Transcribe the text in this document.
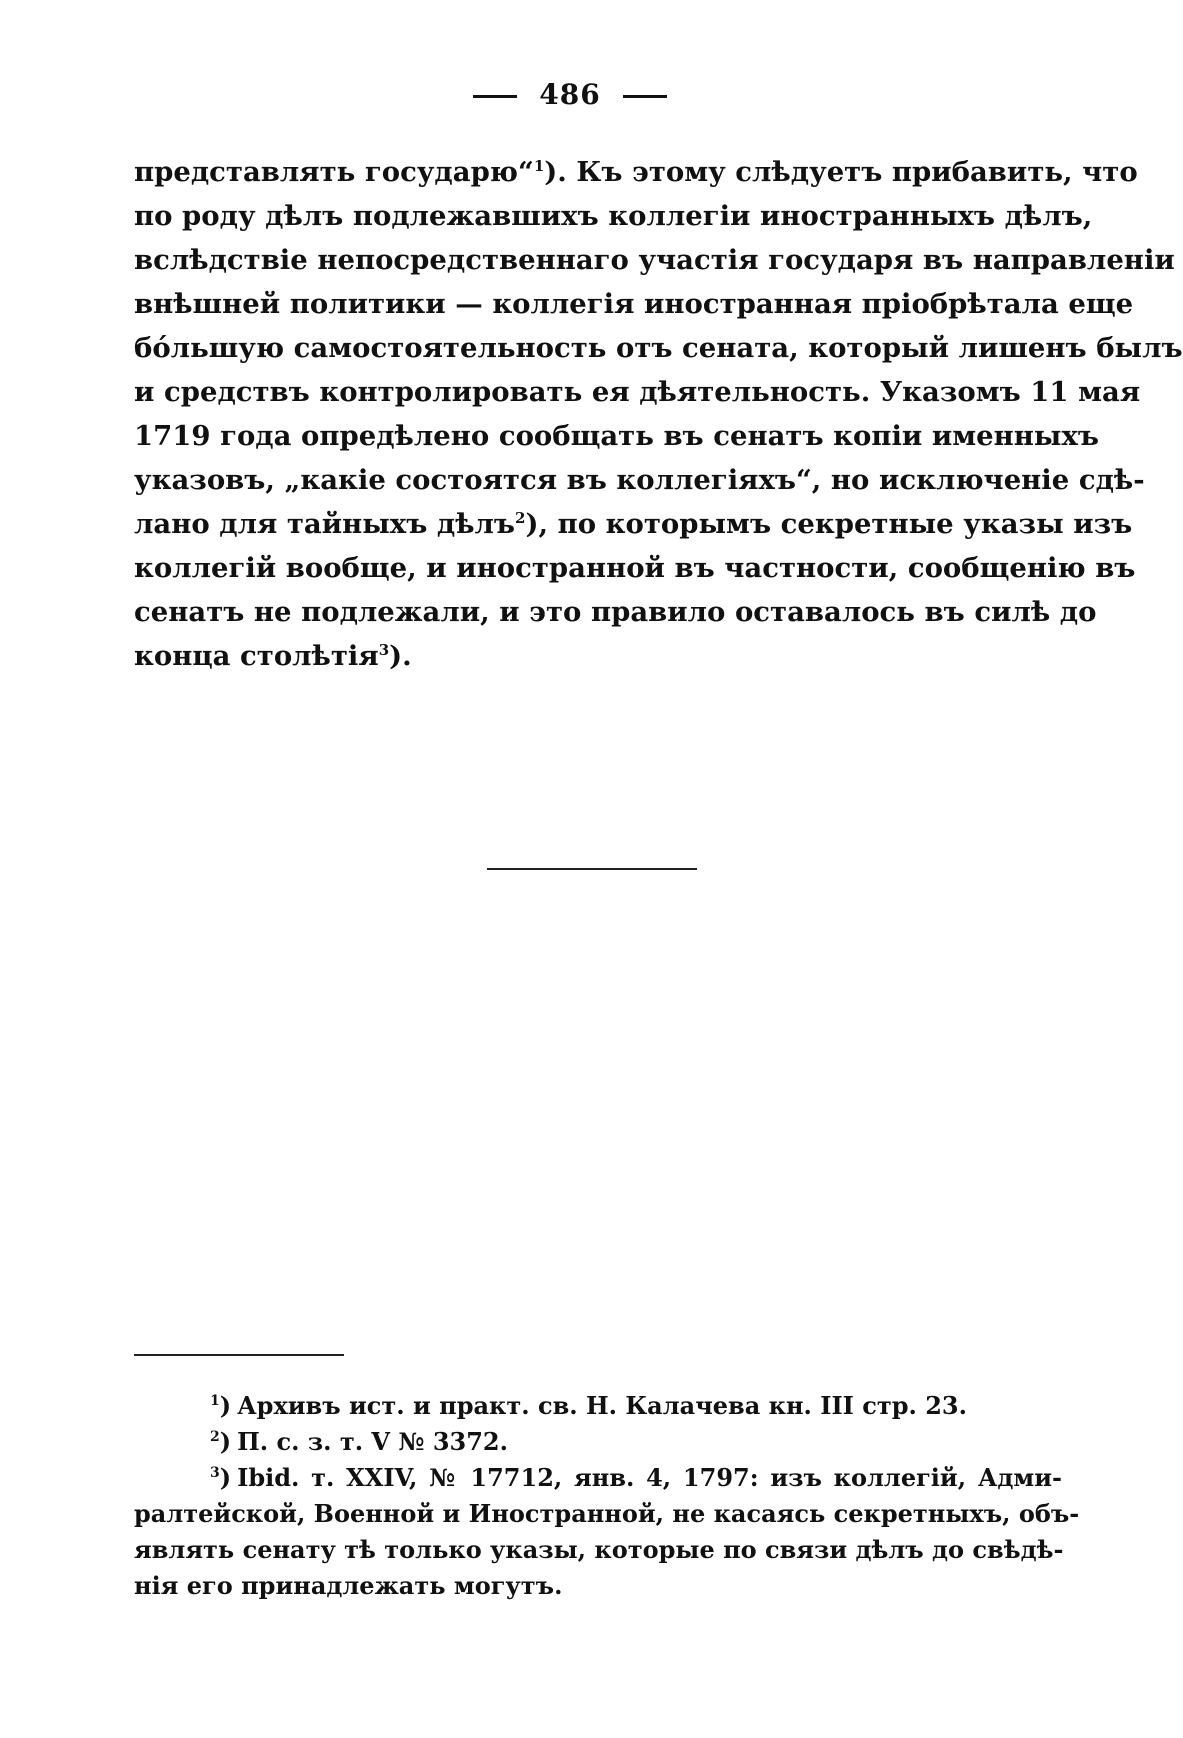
486
представлять государю“$^1$). Къ этому слѣдуетъ прибавить, что
по роду дѣлъ подлежавшихъ коллегіи иностранныхъ дѣлъ,
вслѣдствіе непосредственнаго участія государя въ направленіи
внѣшней политики — коллегія иностранная пріобрѣтала еще
бо́льшую самостоятельность отъ сената, который лишенъ былъ
и средствъ контролировать ея дѣятельность. Указомъ 11 мая
1719 года опредѣлено сообщать въ сенатъ копіи именныхъ
указовъ, „какіе состоятся въ коллегіяхъ“, но исключеніе сдѣ-
лано для тайныхъ дѣлъ$^2$), по которымъ секретные указы изъ
коллегій вообще, и иностранной въ частности, сообщенію въ
сенатъ не подлежали, и это правило оставалось въ силѣ до
конца столѣтія$^3$).
$^1$) Архивъ ист. и практ. св. Н. Калачева кн. III стр. 23.
$^2$) П. с. з. т. V № 3372.
$^3$) Ibid. т. XXIV, № 17712, янв. 4, 1797: изъ коллегій, Адми-
ралтейской, Военной и Иностранной, не касаясь секретныхъ, объ-
являть сенату тѣ только указы, которые по связи дѣлъ до свѣдѣ-
нія его принадлежать могутъ.
